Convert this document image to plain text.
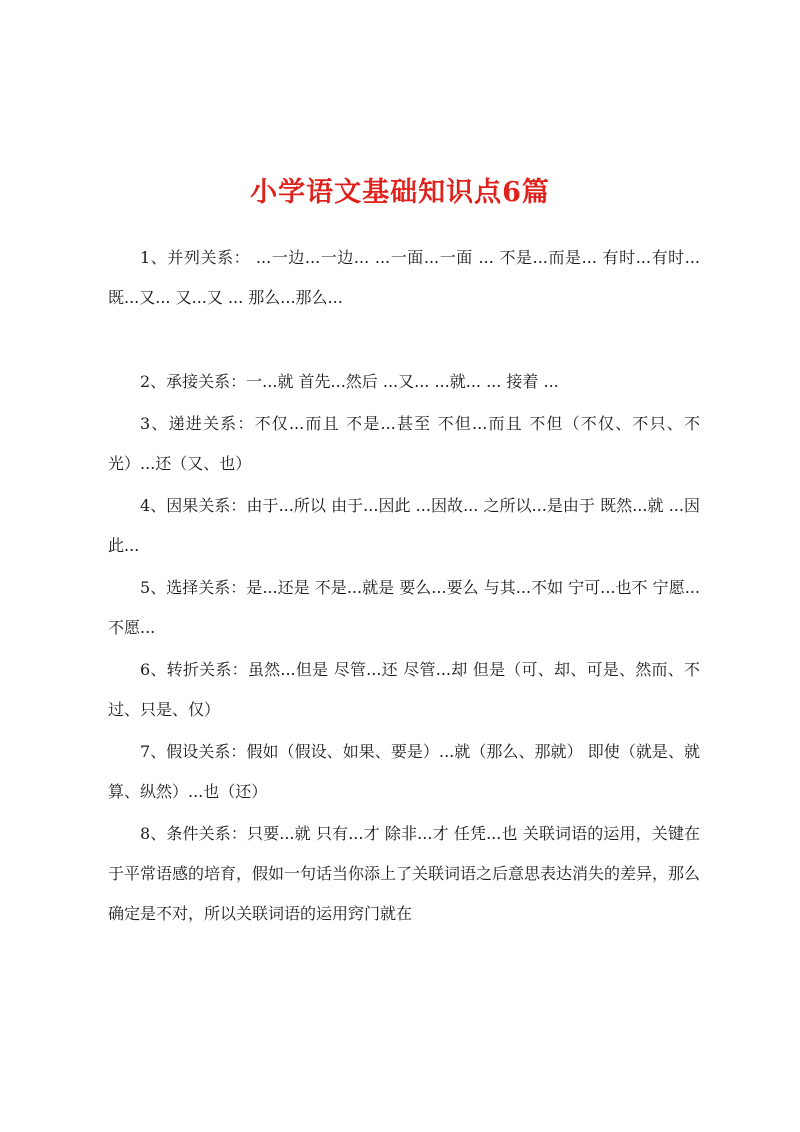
小学语文基础知识点6篇

1、并列关系： ...一边...一边... ...一面...一面 ... 不是...而是... 有时...有时... 既...又... 又...又 ... 那么...那么...

2、承接关系：一...就 首先...然后 ...又... ...就... ... 接着 ...

3、递进关系：不仅...而且 不是...甚至 不但...而且 不但（不仅、不只、不光）...还（又、也）

4、因果关系：由于...所以 由于...因此 ...因故... 之所以...是由于 既然...就 ...因此...

5、选择关系：是...还是 不是...就是 要么...要么 与其...不如 宁可...也不 宁愿...不愿...

6、转折关系：虽然...但是 尽管...还 尽管...却 但是（可、却、可是、然而、不过、只是、仅）

7、假设关系：假如（假设、如果、要是）...就（那么、那就） 即使（就是、就算、纵然）...也（还）

8、条件关系：只要...就 只有...才 除非...才 任凭...也 关联词语的运用，关键在于平常语感的培育，假如一句话当你添上了关联词语之后意思表达消失的差异，那么确定是不对，所以关联词语的运用窍门就在
